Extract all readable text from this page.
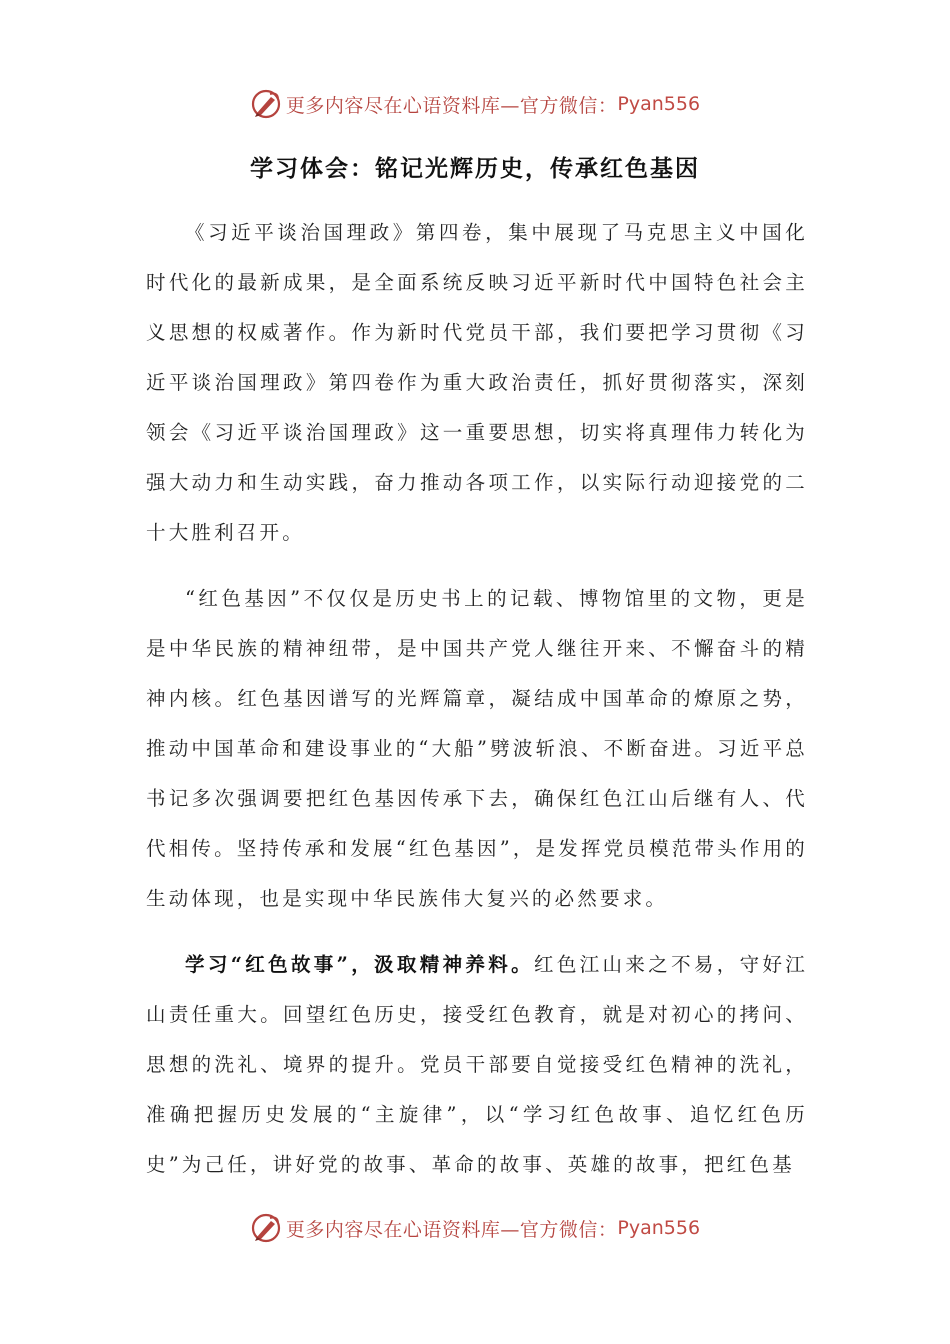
更多内容尽在心语资料库—官方微信： Pyan556
学习体会：铭记光辉历史，传承红色基因

《习近平谈治国理政》第四卷，集中展现了马克思主义中国化时代化的最新成果，是全面系统反映习近平新时代中国特色社会主义思想的权威著作。作为新时代党员干部，我们要把学习贯彻《习近平谈治国理政》第四卷作为重大政治责任，抓好贯彻落实，深刻领会《习近平谈治国理政》这一重要思想，切实将真理伟力转化为强大动力和生动实践，奋力推动各项工作，以实际行动迎接党的二十大胜利召开。

“红色基因”不仅仅是历史书上的记载、博物馆里的文物，更是是中华民族的精神纽带，是中国共产党人继往开来、不懈奋斗的精神内核。红色基因谱写的光辉篇章，凝结成中国革命的燎原之势，推动中国革命和建设事业的“大船”劈波斩浪、不断奋进。习近平总书记多次强调要把红色基因传承下去，确保红色江山后继有人、代代相传。坚持传承和发展“红色基因”，是发挥党员模范带头作用的生动体现，也是实现中华民族伟大复兴的必然要求。

学习“红色故事”，汲取精神养料。红色江山来之不易，守好江山责任重大。回望红色历史，接受红色教育，就是对初心的拷问、思想的洗礼、境界的提升。党员干部要自觉接受红色精神的洗礼，准确把握历史发展的“主旋律”，以“学习红色故事、追忆红色历史”为己任，讲好党的故事、革命的故事、英雄的故事，把红色基

更多内容尽在心语资料库—官方微信： Pyan556
